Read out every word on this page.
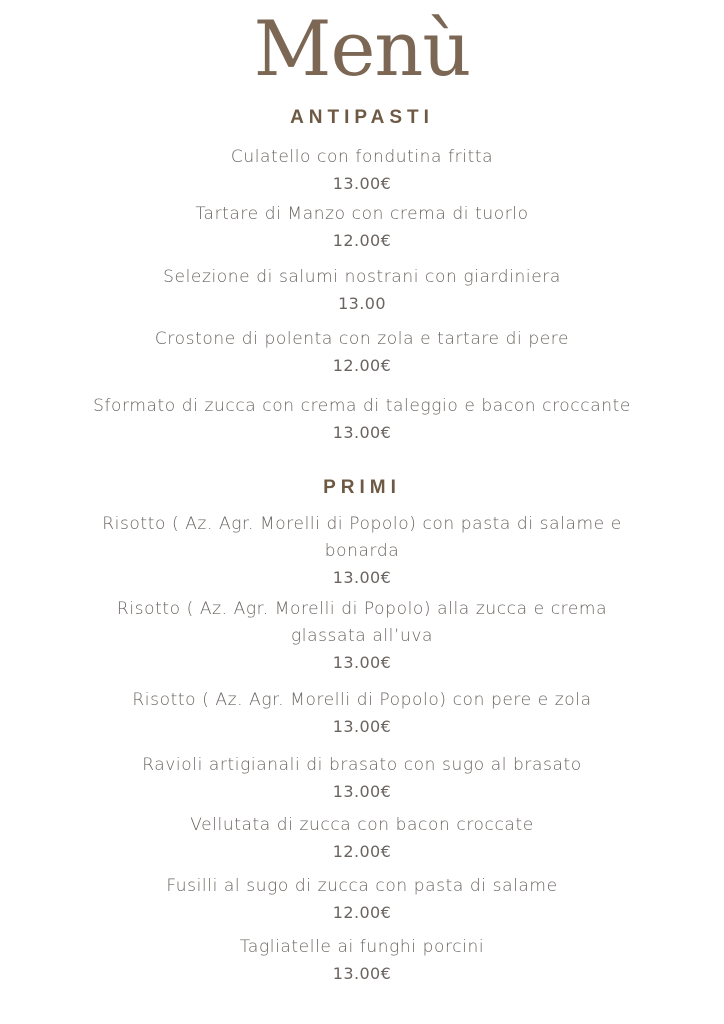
Menù
ANTIPASTI
Culatello con fondutina fritta
13.00€
Tartare di Manzo con crema di tuorlo
12.00€
Selezione di salumi nostrani con giardiniera
13.00
Crostone di polenta con zola e tartare di pere
12.00€
Sformato di zucca con crema di taleggio e bacon croccante
13.00€
PRIMI
Risotto ( Az. Agr. Morelli di Popolo) con pasta di salame e bonarda
13.00€
Risotto ( Az. Agr. Morelli di Popolo) alla zucca e crema glassata all’uva
13.00€
Risotto ( Az. Agr. Morelli di Popolo) con pere e zola
13.00€
Ravioli artigianali di brasato con sugo al brasato
13.00€
Vellutata di zucca con bacon croccate
12.00€
Fusilli al sugo di zucca con pasta di salame
12.00€
Tagliatelle ai funghi porcini
13.00€
